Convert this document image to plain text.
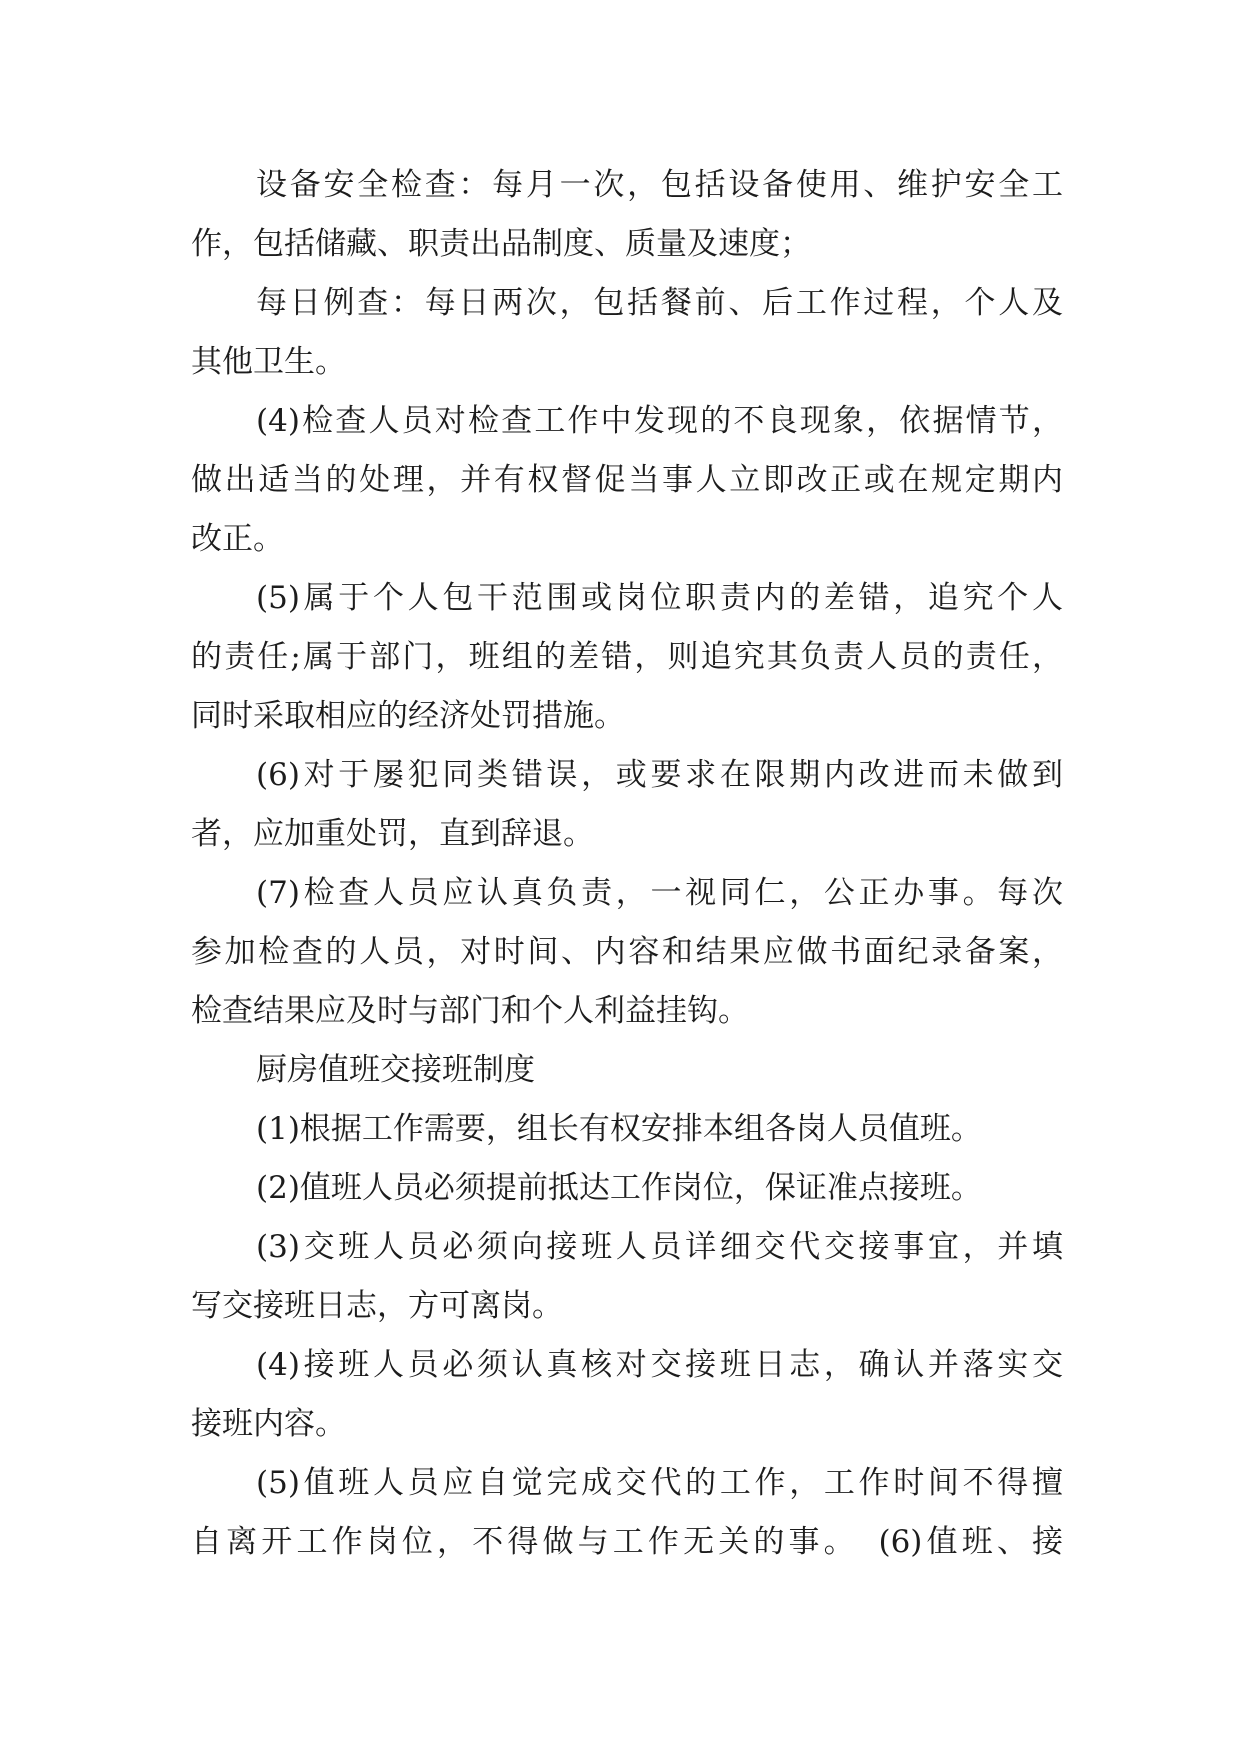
设备安全检查：每月一次，包括设备使用、维护安全工
作，包括储藏、职责出品制度、质量及速度；
每日例查：每日两次，包括餐前、后工作过程，个人及
其他卫生。
(4)检查人员对检查工作中发现的不良现象，依据情节，
做出适当的处理，并有权督促当事人立即改正或在规定期内
改正。
(5)属于个人包干范围或岗位职责内的差错，追究个人
的责任;属于部门，班组的差错，则追究其负责人员的责任，
同时采取相应的经济处罚措施。
(6)对于屡犯同类错误，或要求在限期内改进而未做到
者，应加重处罚，直到辞退。
(7)检查人员应认真负责，一视同仁，公正办事。每次
参加检查的人员，对时间、内容和结果应做书面纪录备案，
检查结果应及时与部门和个人利益挂钩。
厨房值班交接班制度
(1)根据工作需要，组长有权安排本组各岗人员值班。
(2)值班人员必须提前抵达工作岗位，保证准点接班。
(3)交班人员必须向接班人员详细交代交接事宜，并填
写交接班日志，方可离岗。
(4)接班人员必须认真核对交接班日志，确认并落实交
接班内容。
(5)值班人员应自觉完成交代的工作，工作时间不得擅
自离开工作岗位，不得做与工作无关的事。　(6)值班、接
